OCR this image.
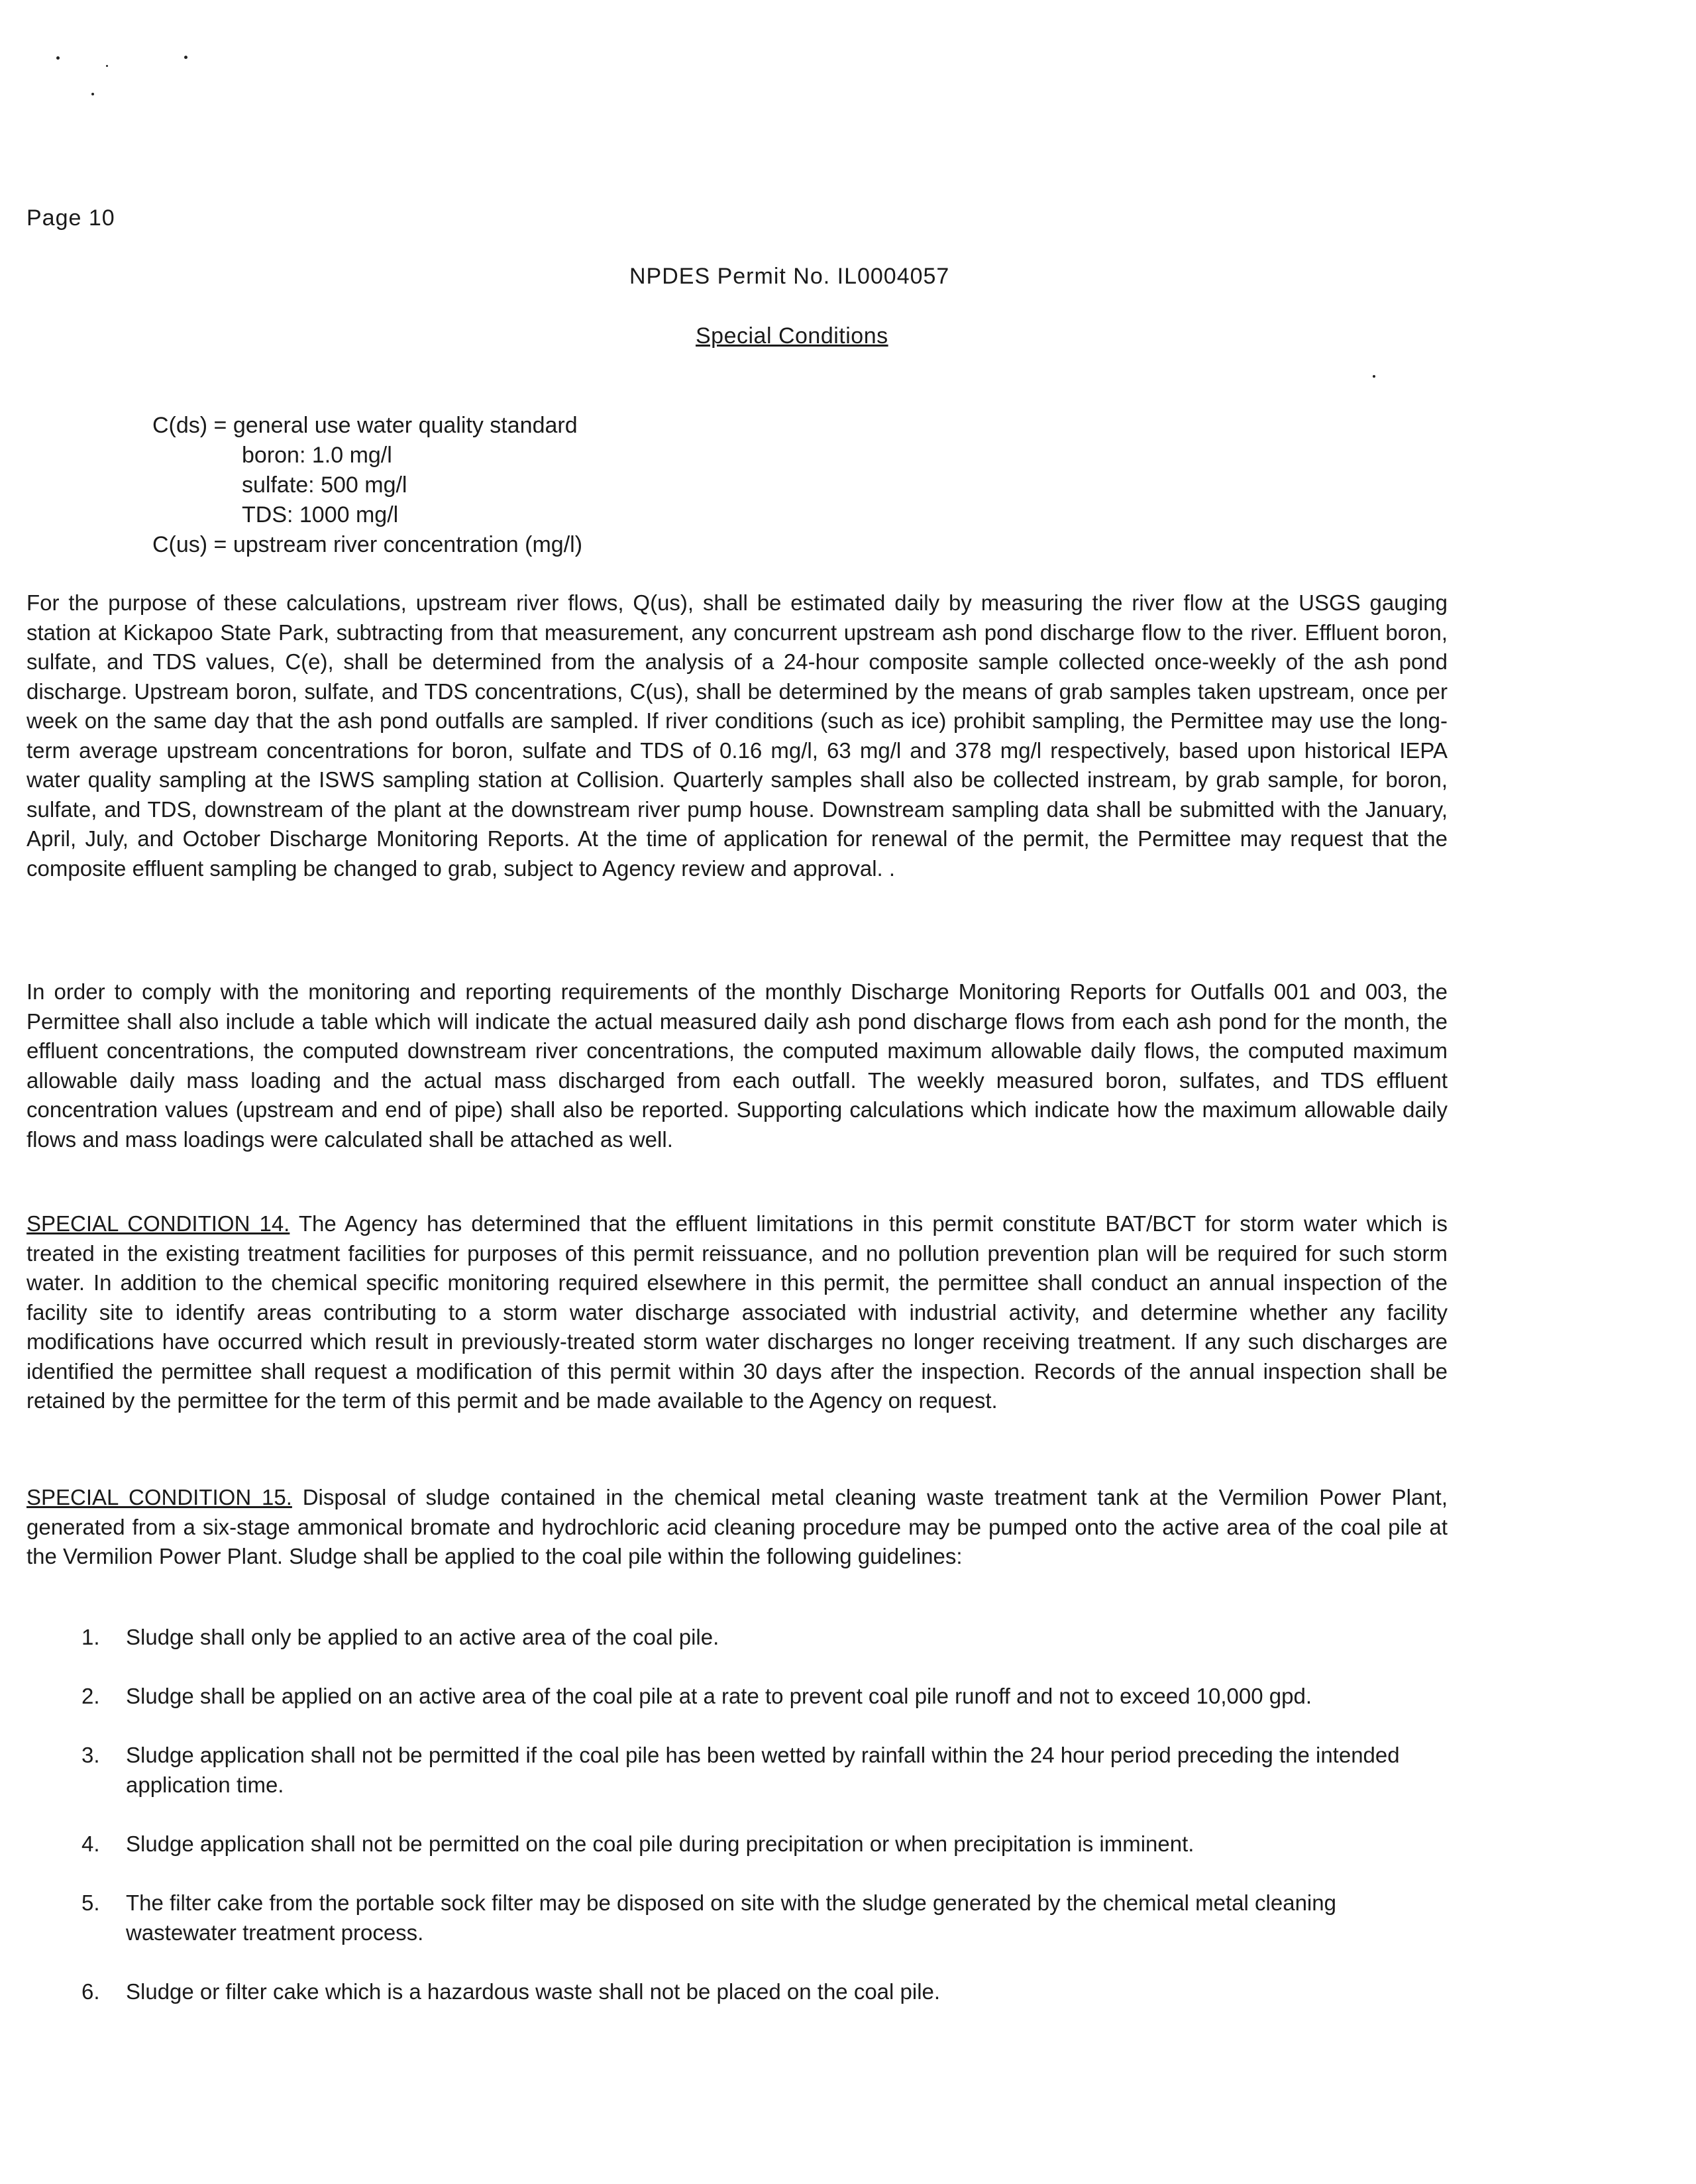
Page 10
NPDES Permit No. IL0004057
Special Conditions
C(ds) = general use water quality standard
boron: 1.0 mg/l
sulfate: 500 mg/l
TDS: 1000 mg/l
C(us) = upstream river concentration (mg/l)

For the purpose of these calculations, upstream river flows, Q(us), shall be estimated daily by measuring the river flow at the USGS gauging station at Kickapoo State Park, subtracting from that measurement, any concurrent upstream ash pond discharge flow to the river. Effluent boron, sulfate, and TDS values, C(e), shall be determined from the analysis of a 24-hour composite sample collected once-weekly of the ash pond discharge. Upstream boron, sulfate, and TDS concentrations, C(us), shall be determined by the means of grab samples taken upstream, once per week on the same day that the ash pond outfalls are sampled. If river conditions (such as ice) prohibit sampling, the Permittee may use the long-term average upstream concentrations for boron, sulfate and TDS of 0.16 mg/l, 63 mg/l and 378 mg/l respectively, based upon historical IEPA water quality sampling at the ISWS sampling station at Collision. Quarterly samples shall also be collected instream, by grab sample, for boron, sulfate, and TDS, downstream of the plant at the downstream river pump house. Downstream sampling data shall be submitted with the January, April, July, and October Discharge Monitoring Reports. At the time of application for renewal of the permit, the Permittee may request that the composite effluent sampling be changed to grab, subject to Agency review and approval. .

In order to comply with the monitoring and reporting requirements of the monthly Discharge Monitoring Reports for Outfalls 001 and 003, the Permittee shall also include a table which will indicate the actual measured daily ash pond discharge flows from each ash pond for the month, the effluent concentrations, the computed downstream river concentrations, the computed maximum allowable daily flows, the computed maximum allowable daily mass loading and the actual mass discharged from each outfall. The weekly measured boron, sulfates, and TDS effluent concentration values (upstream and end of pipe) shall also be reported. Supporting calculations which indicate how the maximum allowable daily flows and mass loadings were calculated shall be attached as well.

SPECIAL CONDITION 14. The Agency has determined that the effluent limitations in this permit constitute BAT/BCT for storm water which is treated in the existing treatment facilities for purposes of this permit reissuance, and no pollution prevention plan will be required for such storm water. In addition to the chemical specific monitoring required elsewhere in this permit, the permittee shall conduct an annual inspection of the facility site to identify areas contributing to a storm water discharge associated with industrial activity, and determine whether any facility modifications have occurred which result in previously-treated storm water discharges no longer receiving treatment. If any such discharges are identified the permittee shall request a modification of this permit within 30 days after the inspection. Records of the annual inspection shall be retained by the permittee for the term of this permit and be made available to the Agency on request.

SPECIAL CONDITION 15. Disposal of sludge contained in the chemical metal cleaning waste treatment tank at the Vermilion Power Plant, generated from a six-stage ammonical bromate and hydrochloric acid cleaning procedure may be pumped onto the active area of the coal pile at the Vermilion Power Plant. Sludge shall be applied to the coal pile within the following guidelines:

1. Sludge shall only be applied to an active area of the coal pile.
2. Sludge shall be applied on an active area of the coal pile at a rate to prevent coal pile runoff and not to exceed 10,000 gpd.
3. Sludge application shall not be permitted if the coal pile has been wetted by rainfall within the 24 hour period preceding the intended application time.
4. Sludge application shall not be permitted on the coal pile during precipitation or when precipitation is imminent.
5. The filter cake from the portable sock filter may be disposed on site with the sludge generated by the chemical metal cleaning wastewater treatment process.
6. Sludge or filter cake which is a hazardous waste shall not be placed on the coal pile.
